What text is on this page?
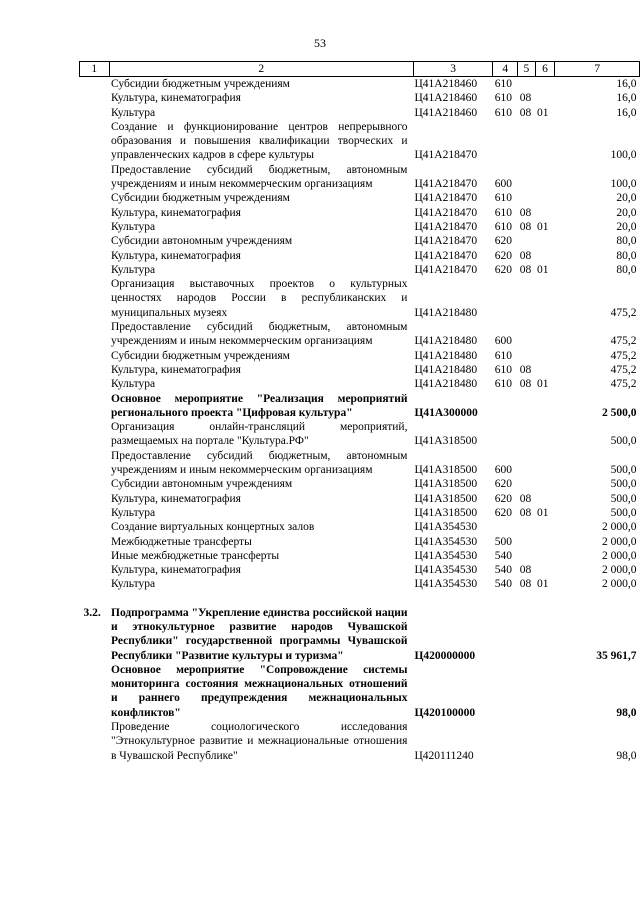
53
1	2	3	4	5	6	7
	Субсидии бюджетным учреждениям	Ц41А218460	610			16,0
	Культура, кинематография	Ц41А218460	610	08		16,0
	Культура	Ц41А218460	610	08	01	16,0
	Создание и функционирование центров непрерывного образования и повышения квалификации творческих и управленческих кадров в сфере культуры	Ц41А218470				100,0
	Предоставление субсидий бюджетным, автономным учреждениям и иным некоммерческим организациям	Ц41А218470	600			100,0
	Субсидии бюджетным учреждениям	Ц41А218470	610			20,0
	Культура, кинематография	Ц41А218470	610	08		20,0
	Культура	Ц41А218470	610	08	01	20,0
	Субсидии автономным учреждениям	Ц41А218470	620			80,0
	Культура, кинематография	Ц41А218470	620	08		80,0
	Культура	Ц41А218470	620	08	01	80,0
	Организация выставочных проектов о культурных ценностях народов России в республиканских и муниципальных музеях	Ц41А218480				475,2
	Предоставление субсидий бюджетным, автономным учреждениям и иным некоммерческим организациям	Ц41А218480	600			475,2
	Субсидии бюджетным учреждениям	Ц41А218480	610			475,2
	Культура, кинематография	Ц41А218480	610	08		475,2
	Культура	Ц41А218480	610	08	01	475,2
	Основное мероприятие "Реализация мероприятий регионального проекта "Цифровая культура"	Ц41А300000				2 500,0
	Организация онлайн-трансляций мероприятий, размещаемых на портале "Культура.РФ"	Ц41А318500				500,0
	Предоставление субсидий бюджетным, автономным учреждениям и иным некоммерческим организациям	Ц41А318500	600			500,0
	Субсидии автономным учреждениям	Ц41А318500	620			500,0
	Культура, кинематография	Ц41А318500	620	08		500,0
	Культура	Ц41А318500	620	08	01	500,0
	Создание виртуальных концертных залов	Ц41А354530				2 000,0
	Межбюджетные трансферты	Ц41А354530	500			2 000,0
	Иные межбюджетные трансферты	Ц41А354530	540			2 000,0
	Культура, кинематография	Ц41А354530	540	08		2 000,0
	Культура	Ц41А354530	540	08	01	2 000,0

3.2.	Подпрограмма "Укрепление единства российской нации и этнокультурное развитие народов Чувашской Республики" государственной программы Чувашской Республики "Развитие культуры и туризма"	Ц420000000				35 961,7
	Основное мероприятие "Сопровождение системы мониторинга состояния межнациональных отношений и раннего предупреждения межнациональных конфликтов"	Ц420100000				98,0
	Проведение социологического исследования "Этнокультурное развитие и межнациональные отношения в Чувашской Республике"	Ц420111240				98,0
